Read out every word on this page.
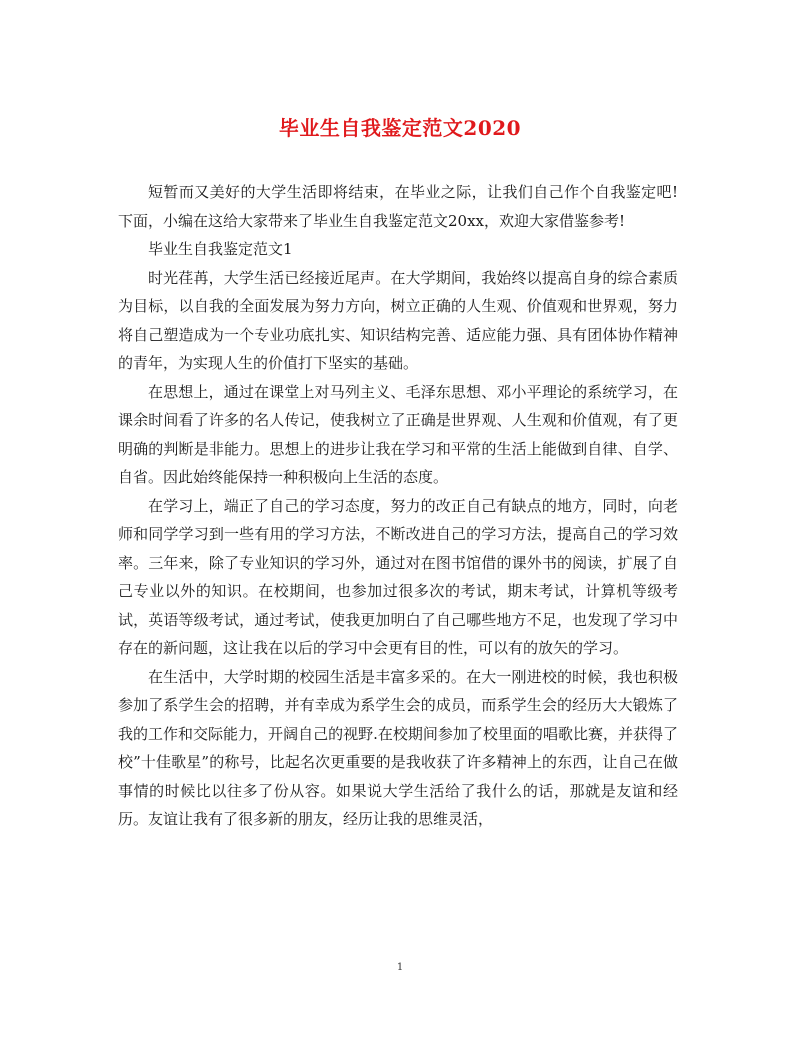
毕业生自我鉴定范文2020

短暂而又美好的大学生活即将结束，在毕业之际，让我们自己作个自我鉴定吧!下面，小编在这给大家带来了毕业生自我鉴定范文20xx，欢迎大家借鉴参考!

毕业生自我鉴定范文1

时光荏苒，大学生活已经接近尾声。在大学期间，我始终以提高自身的综合素质为目标，以自我的全面发展为努力方向，树立正确的人生观、价值观和世界观，努力将自己塑造成为一个专业功底扎实、知识结构完善、适应能力强、具有团体协作精神的青年，为实现人生的价值打下坚实的基础。

在思想上，通过在课堂上对马列主义、毛泽东思想、邓小平理论的系统学习，在课余时间看了许多的名人传记，使我树立了正确是世界观、人生观和价值观，有了更明确的判断是非能力。思想上的进步让我在学习和平常的生活上能做到自律、自学、自省。因此始终能保持一种积极向上生活的态度。

在学习上，端正了自己的学习态度，努力的改正自己有缺点的地方，同时，向老师和同学学习到一些有用的学习方法，不断改进自己的学习方法，提高自己的学习效率。三年来，除了专业知识的学习外，通过对在图书馆借的课外书的阅读，扩展了自己专业以外的知识。在校期间，也参加过很多次的考试，期末考试，计算机等级考试，英语等级考试，通过考试，使我更加明白了自己哪些地方不足，也发现了学习中存在的新问题，这让我在以后的学习中会更有目的性，可以有的放矢的学习。

在生活中，大学时期的校园生活是丰富多采的。在大一刚进校的时候，我也积极参加了系学生会的招聘，并有幸成为系学生会的成员，而系学生会的经历大大锻炼了我的工作和交际能力，开阔自己的视野.在校期间参加了校里面的唱歌比赛，并获得了校”十佳歌星”的称号，比起名次更重要的是我收获了许多精神上的东西，让自己在做事情的时候比以往多了份从容。如果说大学生活给了我什么的话，那就是友谊和经历。友谊让我有了很多新的朋友，经历让我的思维灵活，

1
